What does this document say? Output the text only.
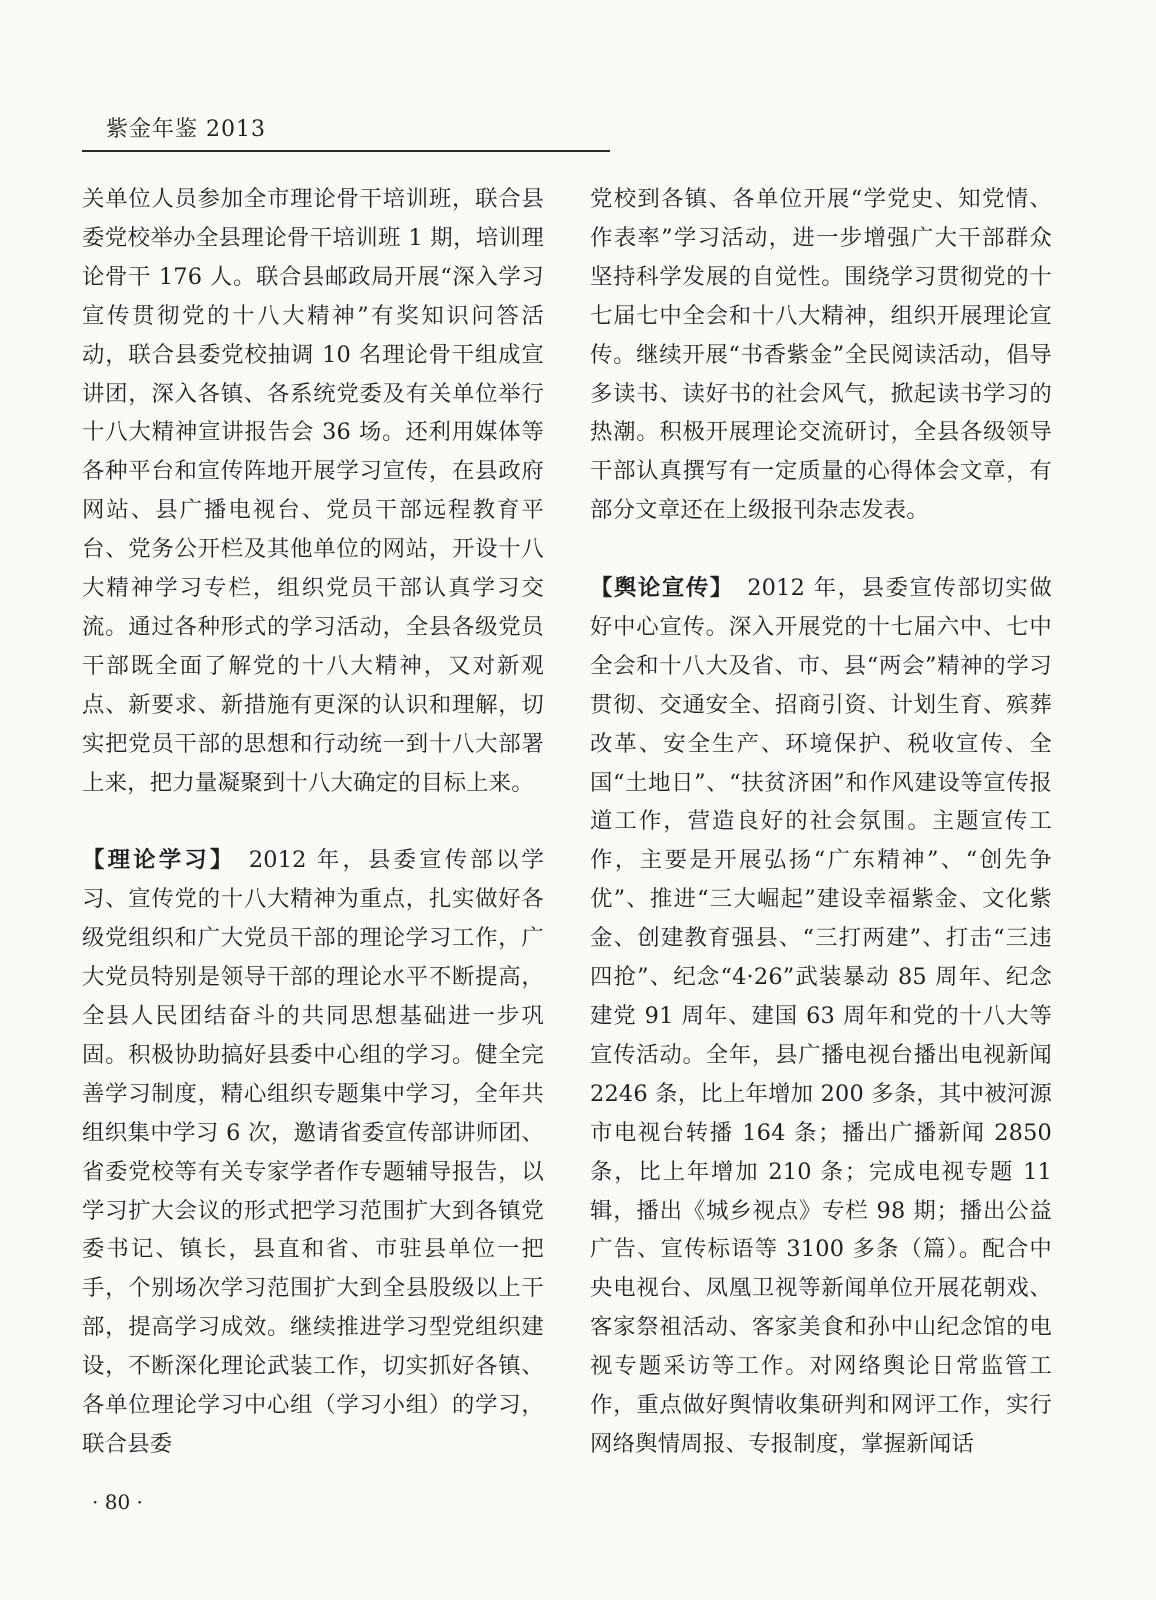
紫金年鉴 2013

关单位人员参加全市理论骨干培训班，联合县委党校举办全县理论骨干培训班 1 期，培训理论骨干 176 人。联合县邮政局开展“深入学习宣传贯彻党的十八大精神”有奖知识问答活动，联合县委党校抽调 10 名理论骨干组成宣讲团，深入各镇、各系统党委及有关单位举行十八大精神宣讲报告会 36 场。还利用媒体等各种平台和宣传阵地开展学习宣传，在县政府网站、县广播电视台、党员干部远程教育平台、党务公开栏及其他单位的网站，开设十八大精神学习专栏，组织党员干部认真学习交流。通过各种形式的学习活动，全县各级党员干部既全面了解党的十八大精神，又对新观点、新要求、新措施有更深的认识和理解，切实把党员干部的思想和行动统一到十八大部署上来，把力量凝聚到十八大确定的目标上来。

【理论学习】 2012 年，县委宣传部以学习、宣传党的十八大精神为重点，扎实做好各级党组织和广大党员干部的理论学习工作，广大党员特别是领导干部的理论水平不断提高，全县人民团结奋斗的共同思想基础进一步巩固。积极协助搞好县委中心组的学习。健全完善学习制度，精心组织专题集中学习，全年共组织集中学习 6 次，邀请省委宣传部讲师团、省委党校等有关专家学者作专题辅导报告，以学习扩大会议的形式把学习范围扩大到各镇党委书记、镇长，县直和省、市驻县单位一把手，个别场次学习范围扩大到全县股级以上干部，提高学习成效。继续推进学习型党组织建设，不断深化理论武装工作，切实抓好各镇、各单位理论学习中心组（学习小组）的学习，联合县委

党校到各镇、各单位开展“学党史、知党情、作表率”学习活动，进一步增强广大干部群众坚持科学发展的自觉性。围绕学习贯彻党的十七届七中全会和十八大精神，组织开展理论宣传。继续开展“书香紫金”全民阅读活动，倡导多读书、读好书的社会风气，掀起读书学习的热潮。积极开展理论交流研讨，全县各级领导干部认真撰写有一定质量的心得体会文章，有部分文章还在上级报刊杂志发表。

【舆论宣传】 2012 年，县委宣传部切实做好中心宣传。深入开展党的十七届六中、七中全会和十八大及省、市、县“两会”精神的学习贯彻、交通安全、招商引资、计划生育、殡葬改革、安全生产、环境保护、税收宣传、全国“土地日”、“扶贫济困”和作风建设等宣传报道工作，营造良好的社会氛围。主题宣传工作，主要是开展弘扬“广东精神”、“创先争优”、推进“三大崛起”建设幸福紫金、文化紫金、创建教育强县、“三打两建”、打击“三违四抢”、纪念“4·26”武装暴动 85 周年、纪念建党 91 周年、建国 63 周年和党的十八大等宣传活动。全年，县广播电视台播出电视新闻 2246 条，比上年增加 200 多条，其中被河源市电视台转播 164 条；播出广播新闻 2850 条，比上年增加 210 条；完成电视专题 11 辑，播出《城乡视点》专栏 98 期；播出公益广告、宣传标语等 3100 多条（篇）。配合中央电视台、凤凰卫视等新闻单位开展花朝戏、客家祭祖活动、客家美食和孙中山纪念馆的电视专题采访等工作。对网络舆论日常监管工作，重点做好舆情收集研判和网评工作，实行网络舆情周报、专报制度，掌握新闻话

· 80 ·
